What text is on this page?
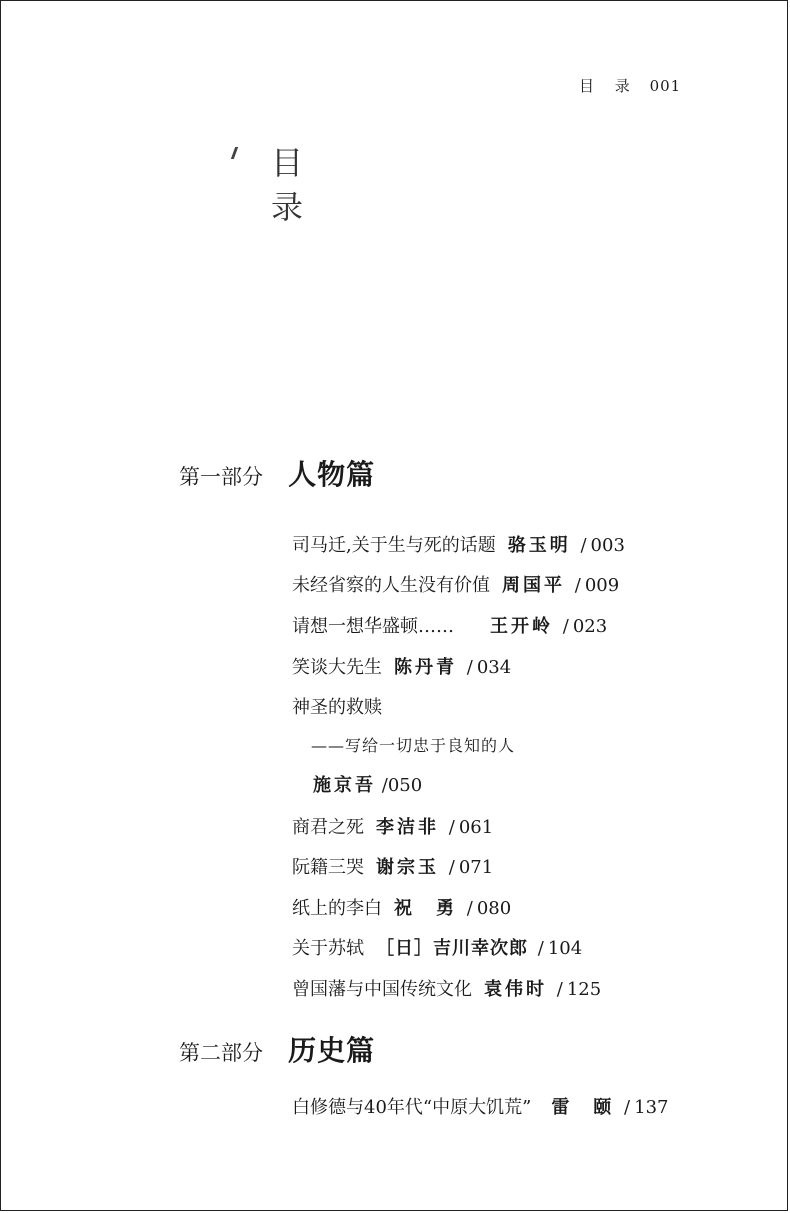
目 录 001
目
录
第一部分 人物篇
司马迁,关于生与死的话题 骆玉明 / 003
未经省察的人生没有价值 周国平 / 009
请想一想华盛顿…… 王开岭 / 023
笑谈大先生 陈丹青 / 034
神圣的救赎
——写给一切忠于良知的人
施京吾 /050
商君之死 李洁非 / 061
阮籍三哭 谢宗玉 / 071
纸上的李白 祝　勇 / 080
关于苏轼 ［日］吉川幸次郎 / 104
曾国藩与中国传统文化 袁伟时 / 125
第二部分 历史篇
白修德与40年代“中原大饥荒” 雷　颐 / 137
